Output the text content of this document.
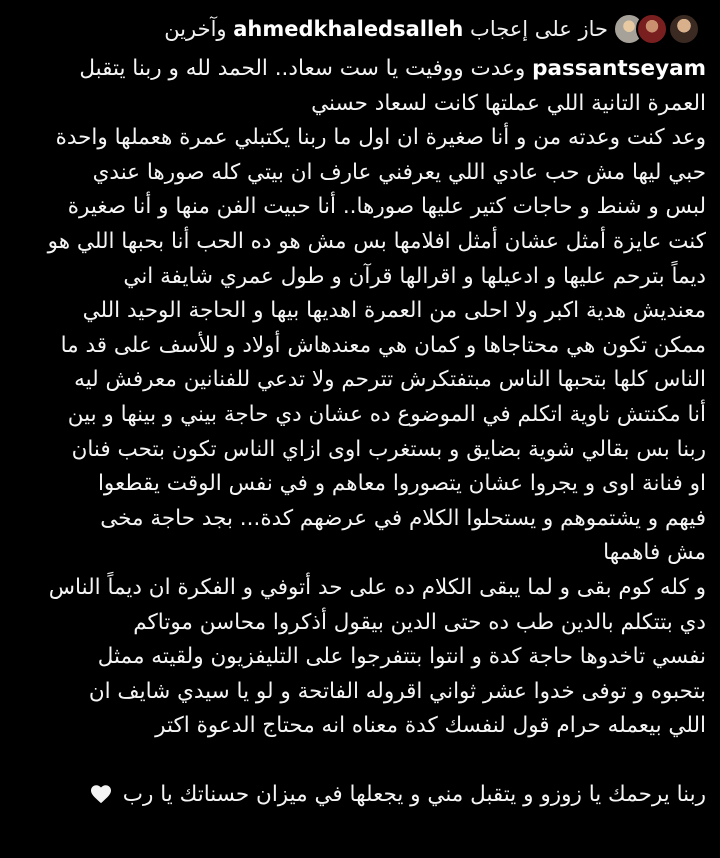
حاز على إعجاب ahmedkhaledsalleh وآخرين
passantseyam وعدت ووفيت يا ست سعاد.. الحمد لله و ربنا يتقبل
العمرة التانية اللي عملتها كانت لسعاد حسني
وعد كنت وعدته من و أنا صغيرة ان اول ما ربنا يكتبلي عمرة هعملها واحدة
حبي ليها مش حب عادي اللي يعرفني عارف ان بيتي كله صورها عندي
لبس و شنط و حاجات كتير عليها صورها.. أنا حبيت الفن منها و أنا صغيرة
كنت عايزة أمثل عشان أمثل افلامها بس مش هو ده الحب أنا بحبها اللي هو
ديماً بترحم عليها و ادعيلها و اقرالها قرآن و طول عمري شايفة اني
معنديش هدية اكبر ولا احلى من العمرة اهديها بيها و الحاجة الوحيد اللي
ممكن تكون هي محتاجاها و كمان هي معندهاش أولاد و للأسف على قد ما
الناس كلها بتحبها الناس مبتفتكرش تترحم ولا تدعي للفنانين معرفش ليه
أنا مكنتش ناوية اتكلم في الموضوع ده عشان دي حاجة بيني و بينها و بين
ربنا بس بقالي شوية بضايق و بستغرب اوى ازاي الناس تكون بتحب فنان
او فنانة اوى و يجروا عشان يتصوروا معاهم و في نفس الوقت يقطعوا
فيهم و يشتموهم و يستحلوا الكلام في عرضهم كدة... بجد حاجة مخى
مش فاهمها
و كله كوم بقى و لما يبقى الكلام ده على حد أتوفي و الفكرة ان ديماً الناس
دي بتتكلم بالدين طب ده حتى الدين بيقول أذكروا محاسن موتاكم
نفسي تاخدوها حاجة كدة و انتوا بتتفرجوا على التليفزيون ولقيته ممثل
بتحبوه و توفى خدوا عشر ثواني اقروله الفاتحة و لو يا سيدي شايف ان
اللي بيعمله حرام قول لنفسك كدة معناه انه محتاج الدعوة اكتر
ربنا يرحمك يا زوزو و يتقبل مني و يجعلها في ميزان حسناتك يا رب
